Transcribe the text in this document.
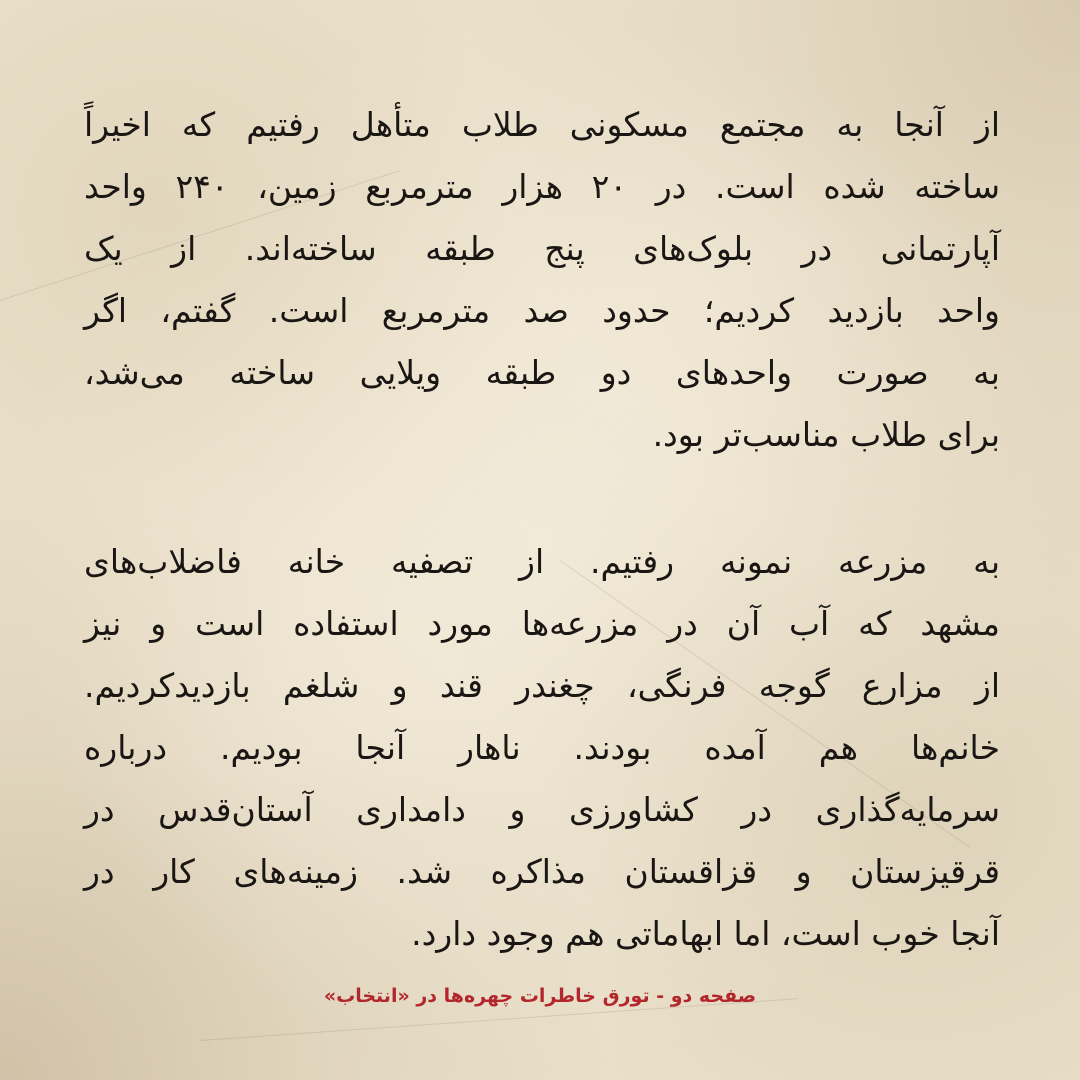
از آنجا به مجتمع مسکونی طلاب متأهل رفتیم که اخیراً
ساخته شده است. در ۲۰ هزار مترمربع زمین، ۲۴۰ واحد
آپارتمانی در بلوک‌های پنج طبقه ساخته‌اند. از یک
واحد بازدید کردیم؛ حدود صد مترمربع است. گفتم، اگر
به صورت واحدهای دو طبقه ویلایی ساخته می‌شد،
برای طلاب مناسب‌تر بود.
به مزرعه نمونه رفتیم. از تصفیه خانه فاضلاب‌های
مشهد که آب آن در مزرعه‌ها مورد استفاده است و نیز
از مزارع گوجه فرنگی، چغندر قند و شلغم بازدیدکردیم.
خانم‌ها هم آمده بودند. ناهار آنجا بودیم. درباره
سرمایه‌گذاری در کشاورزی و دامداری آستان‌قدس در
قرقیزستان و قزاقستان مذاکره شد. زمینه‌های کار در
آنجا خوب است، اما ابهاماتی هم وجود دارد.
صفحه دو - تورق خاطرات چهره‌ها در «انتخاب»
